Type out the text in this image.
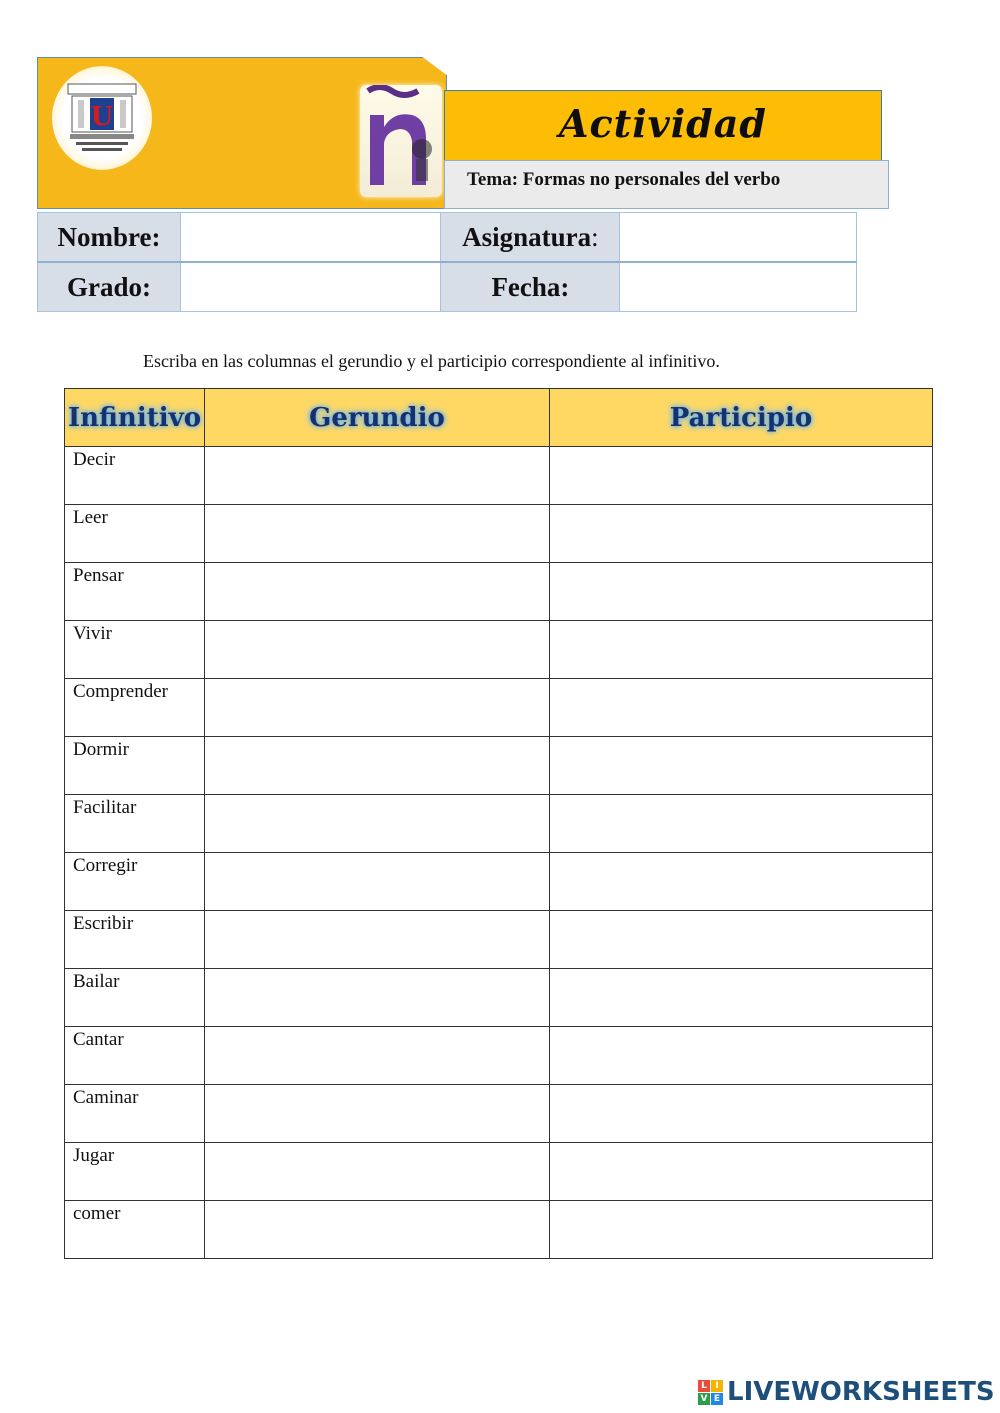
U	Actividad
Tema: Formas no personales del verbo
Nombre:		Asignatura:	
Grado:		Fecha:	
Escriba en las columnas el gerundio y el participio correspondiente al infinitivo.
Infinitivo	Gerundio	Participio
Decir		
Leer		
Pensar		
Vivir		
Comprender		
Dormir		
Facilitar		
Corregir		
Escribir		
Bailar		
Cantar		
Caminar		
Jugar		
comer		
L I
V E LIVEWORKSHEETS
